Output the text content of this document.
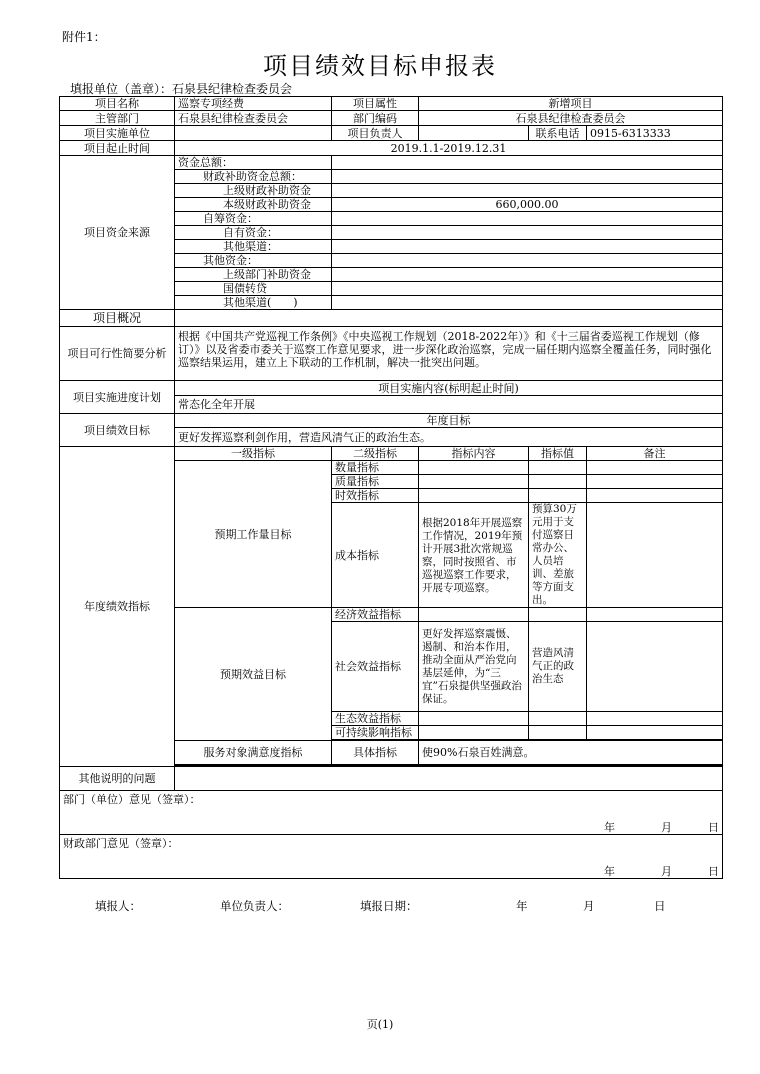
附件1：
项目绩效目标申报表
填报单位（盖章）：石泉县纪律检查委员会
项目名称	巡察专项经费	项目属性	新增项目		
主管部门	石泉县纪律检查委员会	部门编码	石泉县纪律检查委员会		
项目实施单位		项目负责人		联系电话	0915-6313333
项目起止时间	2019.1.1-2019.12.31				
项目资金来源	资金总额：				
	财政补助资金总额：				
	上级财政补助资金				
	本级财政补助资金	660,000.00			
	自筹资金：				
	自有资金：				
	其他渠道：				
	其他资金：				
	上级部门补助资金				
	国债转贷				
	其他渠道(　　)				
项目概况					
项目可行性简要分析	根据《中国共产党巡视工作条例》《中央巡视工作规划（2018-2022年）》和《十三届省委巡视工作规划（修订）》以及省委市委关于巡察工作意见要求，进一步深化政治巡察，完成一届任期内巡察全覆盖任务，同时强化巡察结果运用，建立上下联动的工作机制，解决一批突出问题。				
项目实施进度计划	项目实施内容(标明起止时间)				
	常态化全年开展				
项目绩效目标	年度目标				
	更好发挥巡察利剑作用，营造风清气正的政治生态。				
年度绩效指标	一级指标	二级指标	指标内容	指标值	备注
	预期工作量目标	数量指标			
		质量指标			
		时效指标			
		成本指标	根据2018年开展巡察工作情况，2019年预计开展3批次常规巡察，同时按照省、市巡视巡察工作要求，开展专项巡察。	预算30万元用于支付巡察日常办公、人员培训、差旅等方面支出。	
	预期效益目标	经济效益指标			
		社会效益指标	更好发挥巡察震慑、遏制、和治本作用，推动全面从严治党向基层延伸，为“三宜”石泉提供坚强政治保证。	营造风清气正的政治生态	
		生态效益指标			
		可持续影响指标			

	服务对象满意度指标	具体指标	使90%石泉百姓满意。		

其他说明的问题					
部门（单位）意见（签章）：					
年 月 日					
财政部门意见（签章）：					
年 月 日					
填报人：	单位负责人：	填报日期：	年	月	日
页(1)
